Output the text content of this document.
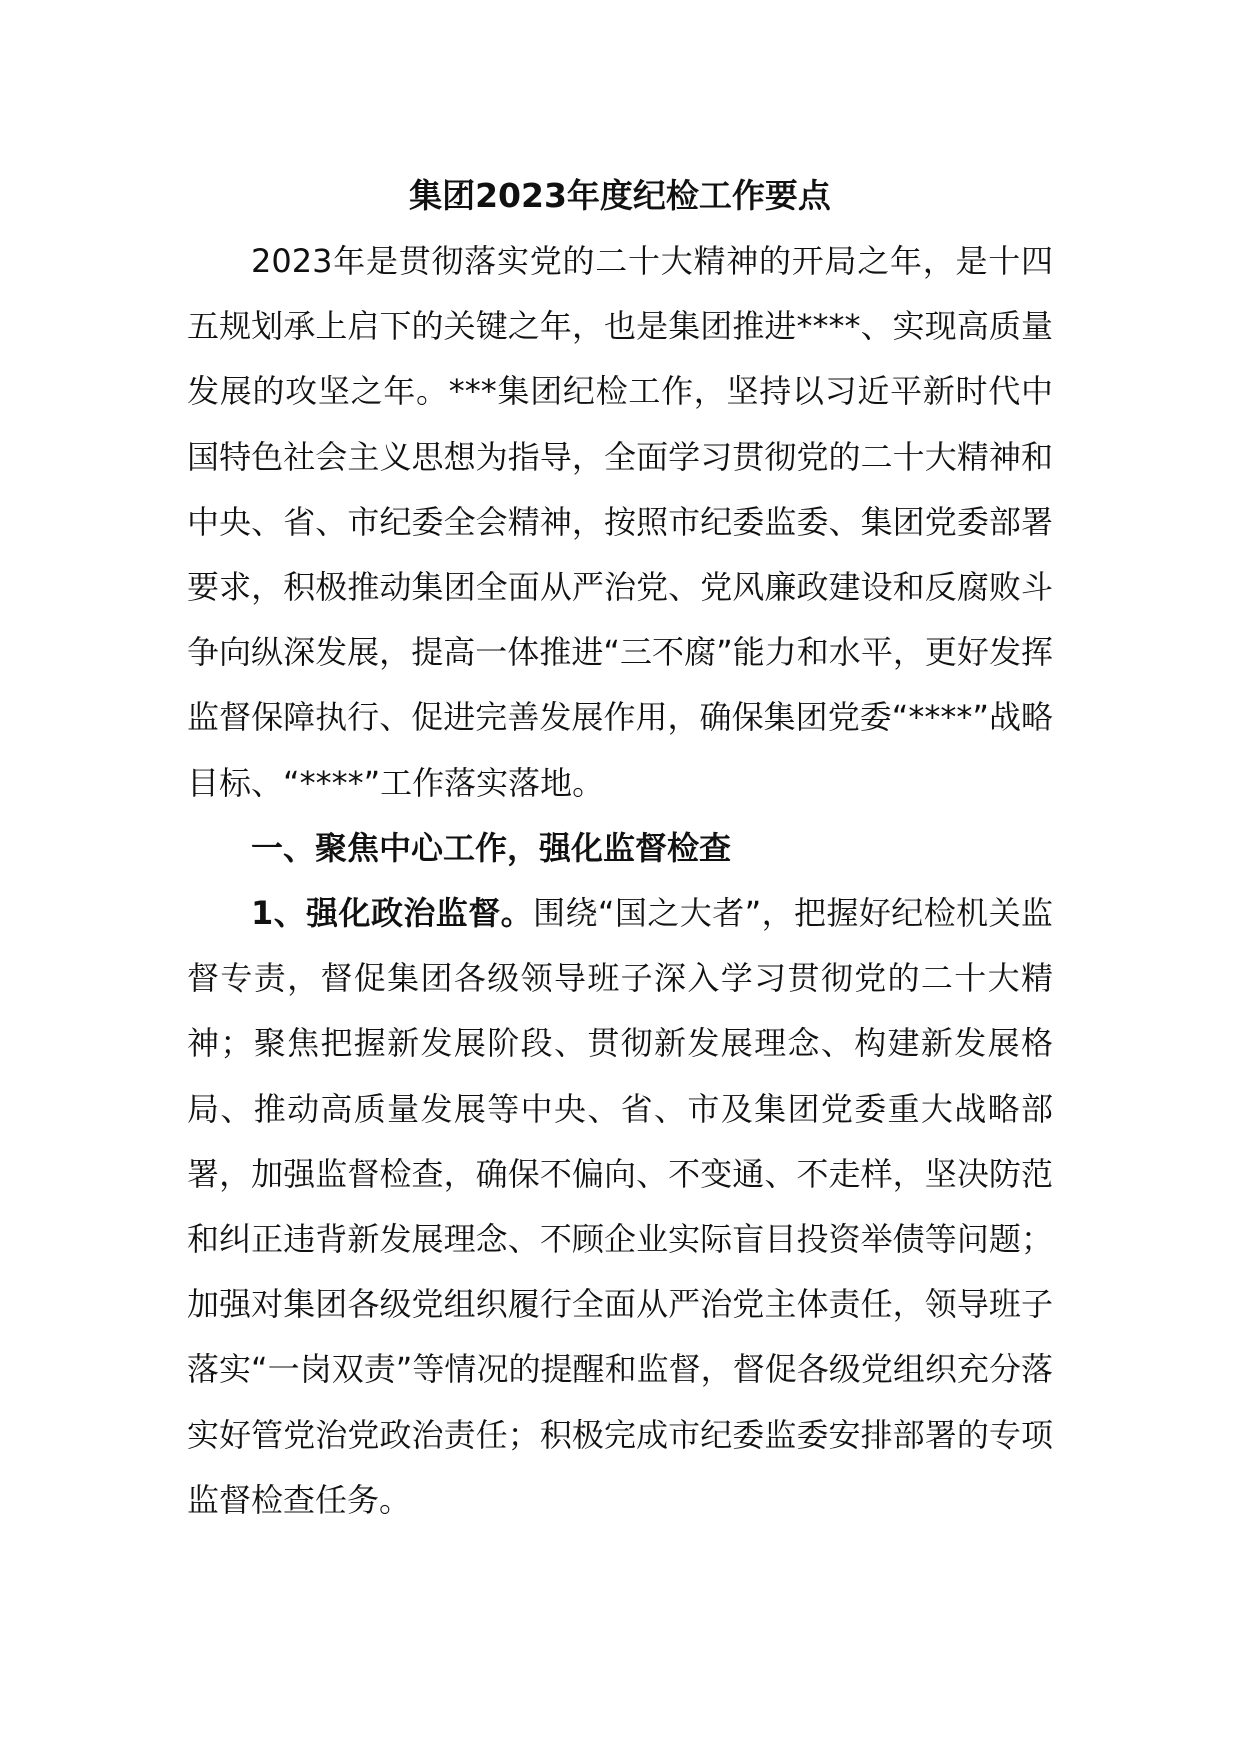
集团2023年度纪检工作要点

2023年是贯彻落实党的二十大精神的开局之年，是十四五规划承上启下的关键之年，也是集团推进****、实现高质量发展的攻坚之年。***集团纪检工作，坚持以习近平新时代中国特色社会主义思想为指导，全面学习贯彻党的二十大精神和中央、省、市纪委全会精神，按照市纪委监委、集团党委部署要求，积极推动集团全面从严治党、党风廉政建设和反腐败斗争向纵深发展，提高一体推进“三不腐”能力和水平，更好发挥监督保障执行、促进完善发展作用，确保集团党委“****”战略目标、“****”工作落实落地。

一、聚焦中心工作，强化监督检查

1、强化政治监督。围绕“国之大者”，把握好纪检机关监督专责，督促集团各级领导班子深入学习贯彻党的二十大精神；聚焦把握新发展阶段、贯彻新发展理念、构建新发展格局、推动高质量发展等中央、省、市及集团党委重大战略部署，加强监督检查，确保不偏向、不变通、不走样，坚决防范和纠正违背新发展理念、不顾企业实际盲目投资举债等问题；加强对集团各级党组织履行全面从严治党主体责任，领导班子落实“一岗双责”等情况的提醒和监督，督促各级党组织充分落实好管党治党政治责任；积极完成市纪委监委安排部署的专项监督检查任务。
